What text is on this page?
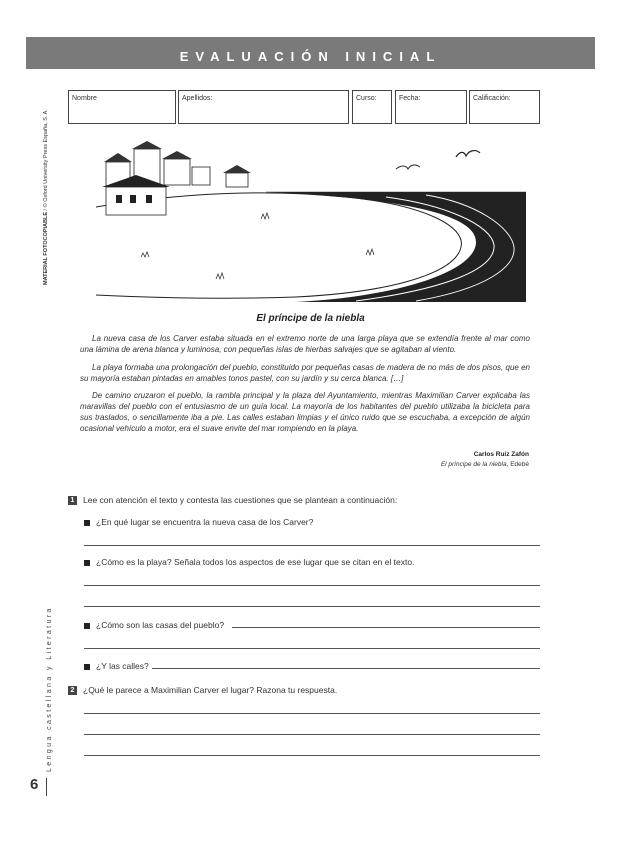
EVALUACIÓN INICIAL
MATERIAL FOTOCOPIABLE / © Oxford University Press España, S. A.
Nombre	Apellidos:	Curso:	Fecha:	Calificación:
El príncipe de la niebla

La nueva casa de los Carver estaba situada en el extremo norte de una larga playa que se extendía frente al mar como una lámina de arena blanca y luminosa, con pequeñas islas de hierbas salvajes que se agitaban al viento.

La playa formaba una prolongación del pueblo, constituido por pequeñas casas de madera de no más de dos pisos, que en su mayoría estaban pintadas en amables tonos pastel, con su jardín y su cerca blanca. […]

De camino cruzaron el pueblo, la rambla principal y la plaza del Ayuntamiento, mientras Maximilian Carver explicaba las maravillas del pueblo con el entusiasmo de un guía local. La mayoría de los habitantes del pueblo utilizaba la bicicleta para sus traslados, o sencillamente iba a pie. Las calles estaban limpias y el único ruido que se escuchaba, a excepción de algún ocasional vehículo a motor, era el suave envite del mar rompiendo en la playa.

Carlos Ruiz Zafón
El príncipe de la niebla, Edebé
1 Lee con atención el texto y contesta las cuestiones que se plantean a continuación:
¿En qué lugar se encuentra la nueva casa de los Carver?
¿Cómo es la playa? Señala todos los aspectos de ese lugar que se citan en el texto.
¿Cómo son las casas del pueblo?
¿Y las calles?
2 ¿Qué le parece a Maximilian Carver el lugar? Razona tu respuesta.
Lengua castellana y Literatura
6
